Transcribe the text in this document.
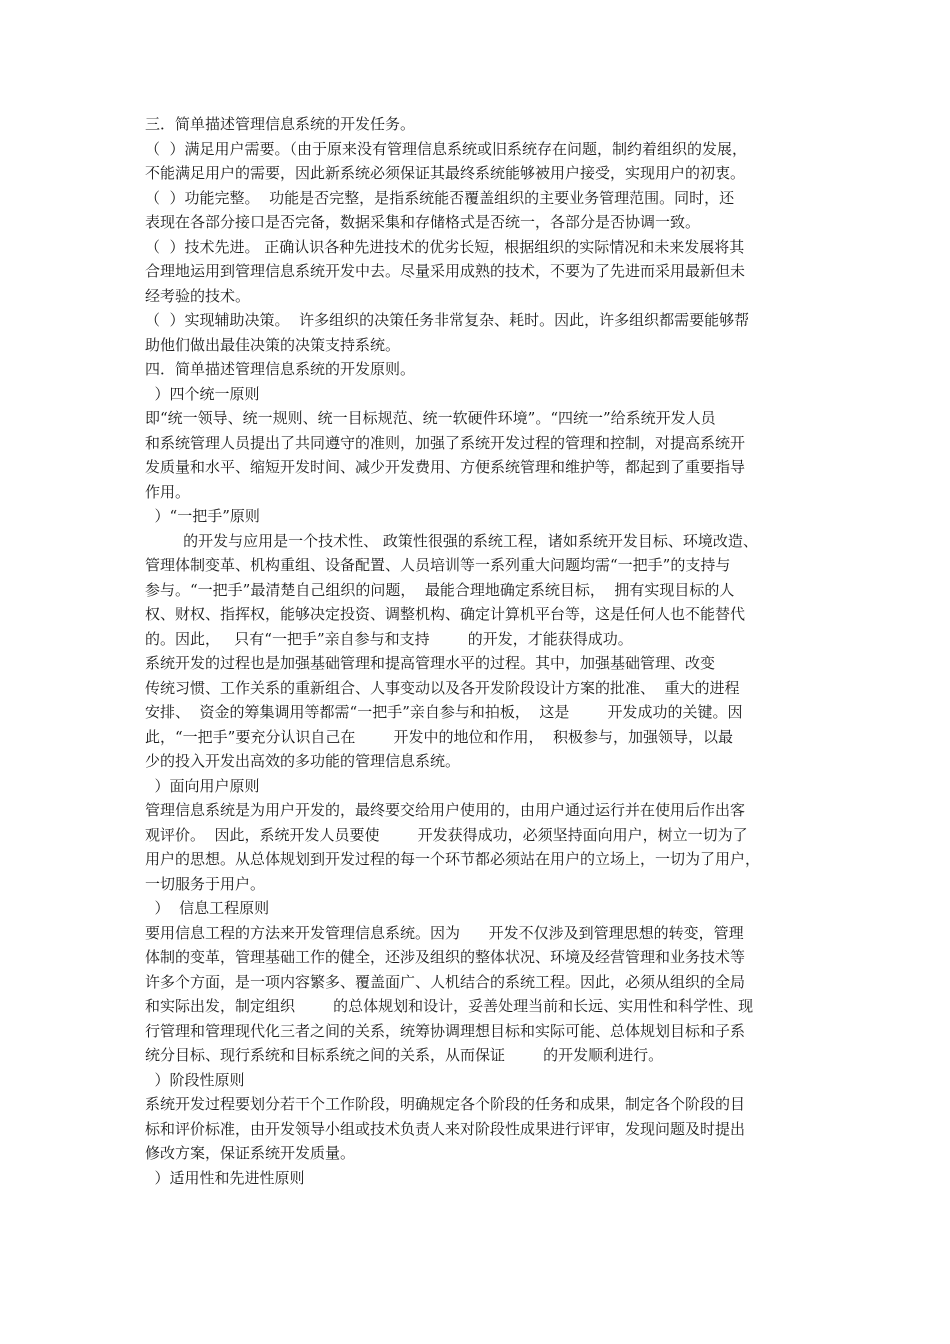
三．简单描述管理信息系统的开发任务。
（  ）满足用户需要。（由于原来没有管理信息系统或旧系统存在问题，制约着组织的发展，
不能满足用户的需要，因此新系统必须保证其最终系统能够被用户接受，实现用户的初衷。
（  ）功能完整。  功能是否完整，是指系统能否覆盖组织的主要业务管理范围。同时，还
表现在各部分接口是否完备，数据采集和存储格式是否统一，各部分是否协调一致。
（  ）技术先进。 正确认识各种先进技术的优劣长短，根据组织的实际情况和未来发展将其
合理地运用到管理信息系统开发中去。尽量采用成熟的技术，不要为了先进而采用最新但未
经考验的技术。
（  ）实现辅助决策。  许多组织的决策任务非常复杂、耗时。因此，许多组织都需要能够帮
助他们做出最佳决策的决策支持系统。
四．简单描述管理信息系统的开发原则。
）四个统一原则
即“统一领导、统一规则、统一目标规范、统一软硬件环境”。“四统一”给系统开发人员
和系统管理人员提出了共同遵守的准则，加强了系统开发过程的管理和控制，对提高系统开
发质量和水平、缩短开发时间、减少开发费用、方便系统管理和维护等，都起到了重要指导
作用。
）“一把手”原则
的开发与应用是一个技术性、 政策性很强的系统工程，诸如系统开发目标、环境改造、
管理体制变革、机构重组、设备配置、人员培训等一系列重大问题均需“一把手”的支持与
参与。“一把手”最清楚自己组织的问题，  最能合理地确定系统目标，  拥有实现目标的人
权、财权、指挥权，能够决定投资、调整机构、确定计算机平台等，这是任何人也不能替代
的。因此，   只有“一把手”亲自参与和支持        的开发，才能获得成功。
系统开发的过程也是加强基础管理和提高管理水平的过程。其中，加强基础管理、改变
传统习惯、工作关系的重新组合、人事变动以及各开发阶段设计方案的批准、  重大的进程
安排、  资金的筹集调用等都需“一把手”亲自参与和拍板，  这是        开发成功的关键。因
此，“一把手”要充分认识自己在        开发中的地位和作用，  积极参与，加强领导，以最
少的投入开发出高效的多功能的管理信息系统。
）面向用户原则
管理信息系统是为用户开发的，最终要交给用户使用的，由用户通过运行并在使用后作出客
观评价。  因此，系统开发人员要使        开发获得成功，必须坚持面向用户，树立一切为了
用户的思想。从总体规划到开发过程的每一个环节都必须站在用户的立场上，一切为了用户，
一切服务于用户。
）  信息工程原则
要用信息工程的方法来开发管理信息系统。因为      开发不仅涉及到管理思想的转变，管理
体制的变革，管理基础工作的健全，还涉及组织的整体状况、环境及经营管理和业务技术等
许多个方面，是一项内容繁多、覆盖面广、人机结合的系统工程。因此，必须从组织的全局
和实际出发，制定组织        的总体规划和设计，妥善处理当前和长远、实用性和科学性、现
行管理和管理现代化三者之间的关系，统筹协调理想目标和实际可能、总体规划目标和子系
统分目标、现行系统和目标系统之间的关系，从而保证        的开发顺利进行。
）阶段性原则
系统开发过程要划分若干个工作阶段，明确规定各个阶段的任务和成果，制定各个阶段的目
标和评价标准，由开发领导小组或技术负责人来对阶段性成果进行评审，发现问题及时提出
修改方案，保证系统开发质量。
）适用性和先进性原则
